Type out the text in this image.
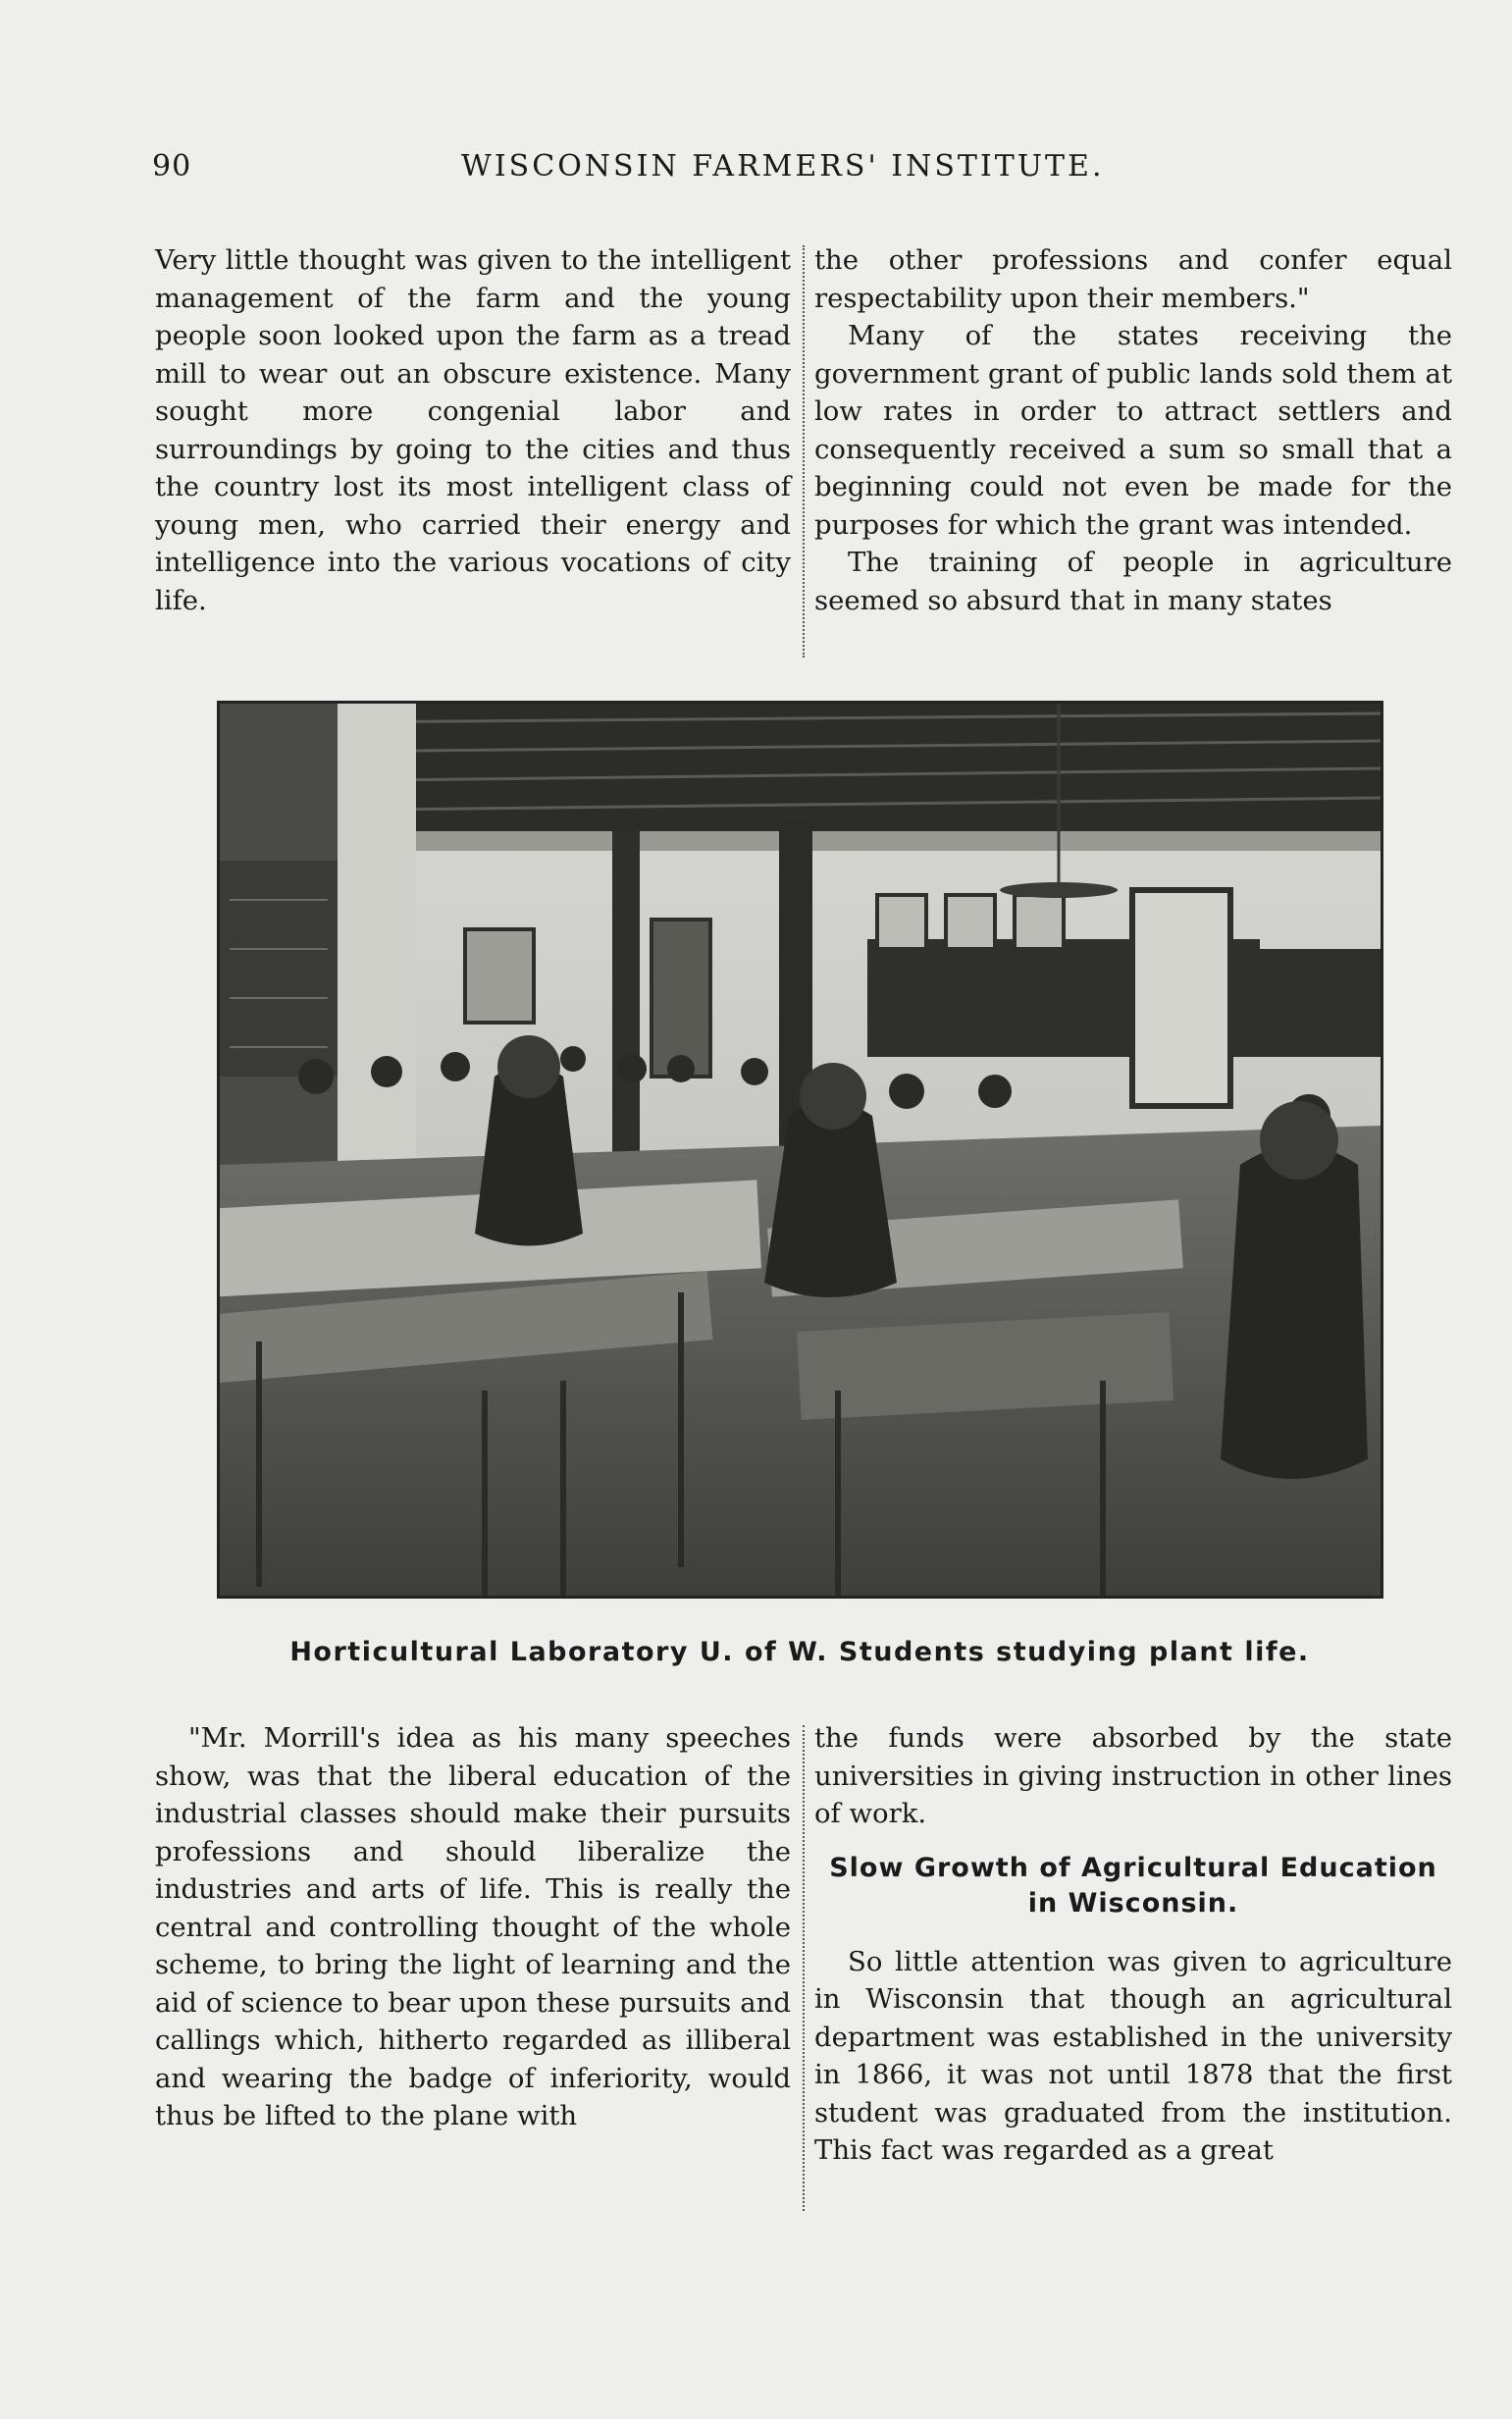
90	WISCONSIN FARMERS' INSTITUTE.

Very little thought was given to the intelligent management of the farm and the young people soon looked upon the farm as a tread mill to wear out an obscure existence. Many sought more congenial labor and surroundings by going to the cities and thus the country lost its most intelligent class of young men, who carried their energy and intelligence into the various vocations of city life.

the other professions and confer equal respectability upon their members."

Many of the states receiving the government grant of public lands sold them at low rates in order to attract settlers and consequently received a sum so small that a beginning could not even be made for the purposes for which the grant was intended.

The training of people in agriculture seemed so absurd that in many states

Horticultural Laboratory U. of W. Students studying plant life.

"Mr. Morrill's idea as his many speeches show, was that the liberal education of the industrial classes should make their pursuits professions and should liberalize the industries and arts of life. This is really the central and controlling thought of the whole scheme, to bring the light of learning and the aid of science to bear upon these pursuits and callings which, hitherto regarded as illiberal and wearing the badge of inferiority, would thus be lifted to the plane with

the funds were absorbed by the state universities in giving instruction in other lines of work.

Slow Growth of Agricultural Education in Wisconsin.

So little attention was given to agriculture in Wisconsin that though an agricultural department was established in the university in 1866, it was not until 1878 that the first student was graduated from the institution. This fact was regarded as a great
